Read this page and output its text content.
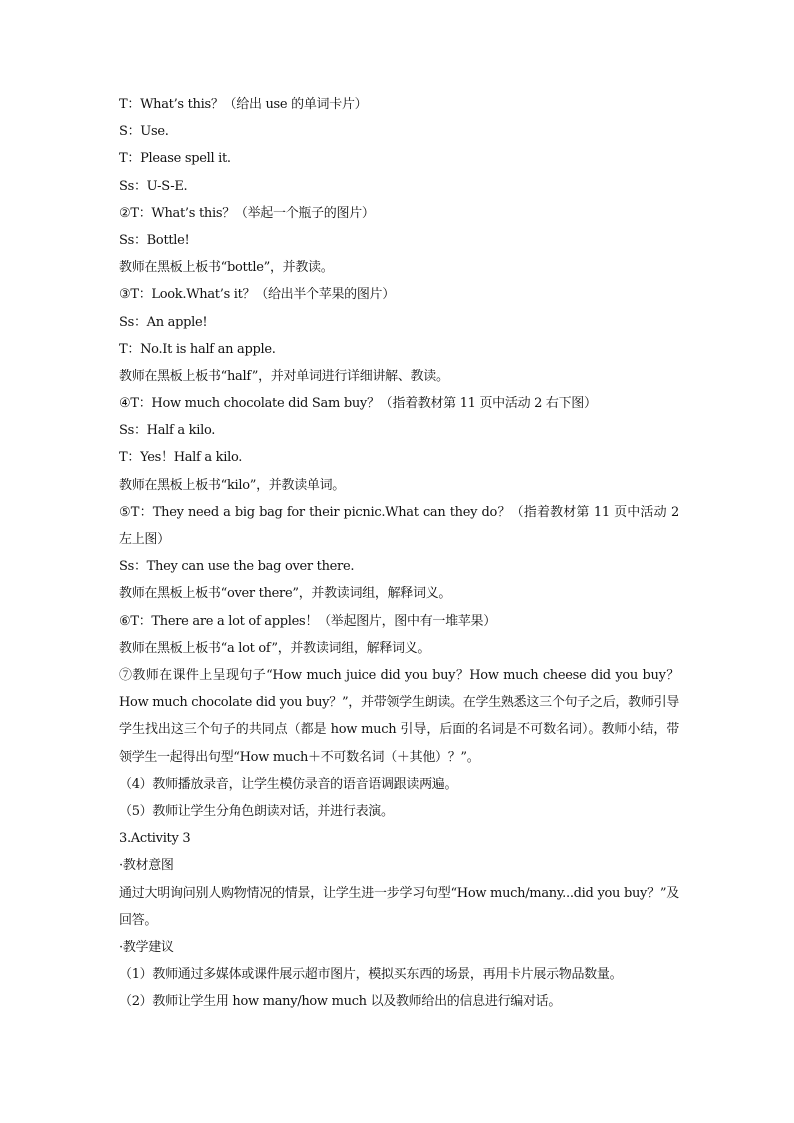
T：What’s this？（给出 use 的单词卡片）

S：Use.

T：Please spell it.

Ss：U-S-E.

②T：What’s this？（举起一个瓶子的图片）

Ss：Bottle!

教师在黑板上板书“bottle”，并教读。

③T：Look.What’s it？（给出半个苹果的图片）

Ss：An apple!

T：No.It is half an apple.

教师在黑板上板书“half”，并对单词进行详细讲解、教读。

④T：How much chocolate did Sam buy？（指着教材第 11 页中活动 2 右下图）

Ss：Half a kilo.

T：Yes！Half a kilo.

教师在黑板上板书“kilo”，并教读单词。

⑤T：They need a big bag for their picnic.What can they do？（指着教材第 11 页中活动 2 左上图）

Ss：They can use the bag over there.

教师在黑板上板书“over there”，并教读词组，解释词义。

⑥T：There are a lot of apples！（举起图片，图中有一堆苹果）

教师在黑板上板书“a lot of”，并教读词组，解释词义。

⑦教师在课件上呈现句子“How much juice did you buy？How much cheese did you buy？How much chocolate did you buy？”，并带领学生朗读。在学生熟悉这三个句子之后，教师引导学生找出这三个句子的共同点（都是 how much 引导，后面的名词是不可数名词）。教师小结，带领学生一起得出句型“How much＋不可数名词（＋其他）？”。

（4）教师播放录音，让学生模仿录音的语音语调跟读两遍。

（5）教师让学生分角色朗读对话，并进行表演。

3.Activity 3

·教材意图

通过大明询问别人购物情况的情景，让学生进一步学习句型“How much/many...did you buy？”及回答。

·教学建议

（1）教师通过多媒体或课件展示超市图片，模拟买东西的场景，再用卡片展示物品数量。

（2）教师让学生用 how many/how much 以及教师给出的信息进行编对话。
